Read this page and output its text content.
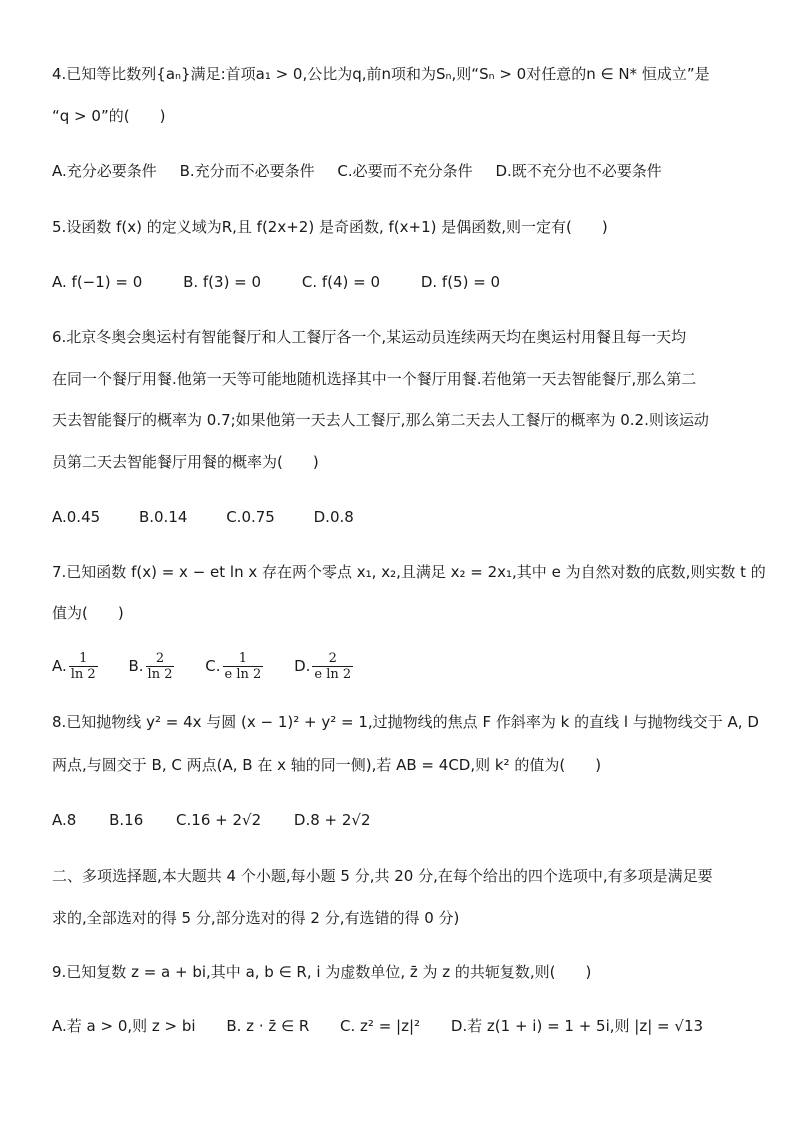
4.已知等比数列{aₙ}满足:首项a₁ > 0,公比为q,前n项和为Sₙ,则“Sₙ > 0对任意的n ∈ N* 恒成立”是
“q > 0”的(　　)
A.充分必要条件 B.充分而不必要条件 C.必要而不充分条件 D.既不充分也不必要条件
5.设函数 f(x) 的定义域为R,且 f(2x+2) 是奇函数, f(x+1) 是偶函数,则一定有(　　)
A. f(−1) = 0	B. f(3) = 0	C. f(4) = 0	D. f(5) = 0
6.北京冬奥会奥运村有智能餐厅和人工餐厅各一个,某运动员连续两天均在奥运村用餐且每一天均
在同一个餐厅用餐.他第一天等可能地随机选择其中一个餐厅用餐.若他第一天去智能餐厅,那么第二
天去智能餐厅的概率为 0.7;如果他第一天去人工餐厅,那么第二天去人工餐厅的概率为 0.2.则该运动
员第二天去智能餐厅用餐的概率为(　　)
A.0.45	B.0.14	C.0.75	D.0.8
7.已知函数 f(x) = x − et ln x 存在两个零点 x₁, x₂,且满足 x₂ = 2x₁,其中 e 为自然对数的底数,则实数 t 的
值为(　　)
A. $\frac{1}{\ln 2} B$. $\frac{2}{\ln 2} C$. $\frac{1}{\text{e ln 2}} D$. $\frac{2}{\text{e ln 2}}$
8.已知抛物线 y² = 4x 与圆 (x − 1)² + y² = 1,过抛物线的焦点 F 作斜率为 k 的直线 l 与抛物线交于 A, D
两点,与圆交于 B, C 两点(A, B 在 x 轴的同一侧),若 AB = 4CD,则 k² 的值为(　　)
A.8 B.16 C.16 + 2√2 D.8 + 2√2
二、多项选择题,本大题共 4 个小题,每小题 5 分,共 20 分,在每个给出的四个选项中,有多项是满足要
求的,全部选对的得 5 分,部分选对的得 2 分,有选错的得 0 分)
9.已知复数 z = a + bi,其中 a, b ∈ R, i 为虚数单位, z̄ 为 z 的共轭复数,则(　　)
A.若 a > 0,则 z > bi B. z · z̄ ∈ R C. z² = |z|² D.若 z(1 + i) = 1 + 5i,则 |z| = √13
